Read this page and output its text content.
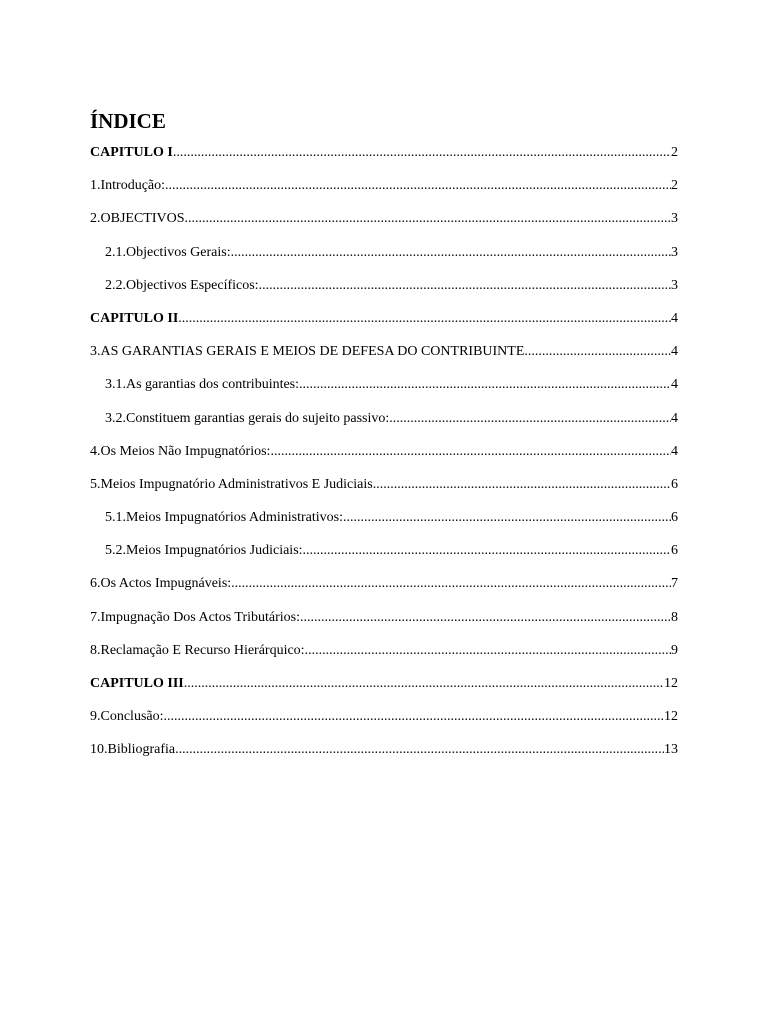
ÍNDICE
CAPITULO I .....	2
1.Introdução: .....	2
2.OBJECTIVOS .....	3
2.1.Objectivos Gerais: .....	3
2.2.Objectivos Específicos: .....	3
CAPITULO II .....	4
3.AS GARANTIAS GERAIS E MEIOS DE DEFESA DO CONTRIBUINTE .....	4
3.1.As garantias dos contribuintes: .....	4
3.2.Constituem garantias gerais do sujeito passivo: .....	4
4.Os Meios Não Impugnatórios: .....	4
5.Meios Impugnatório Administrativos E Judiciais .....	6
5.1.Meios Impugnatórios Administrativos: .....	6
5.2.Meios Impugnatórios Judiciais: .....	6
6.Os Actos Impugnáveis: .....	7
7.Impugnação Dos Actos Tributários: .....	8
8.Reclamação E Recurso Hierárquico: .....	9
CAPITULO III .....	12
9.Conclusão: .....	12
10.Bibliografia .....	13
